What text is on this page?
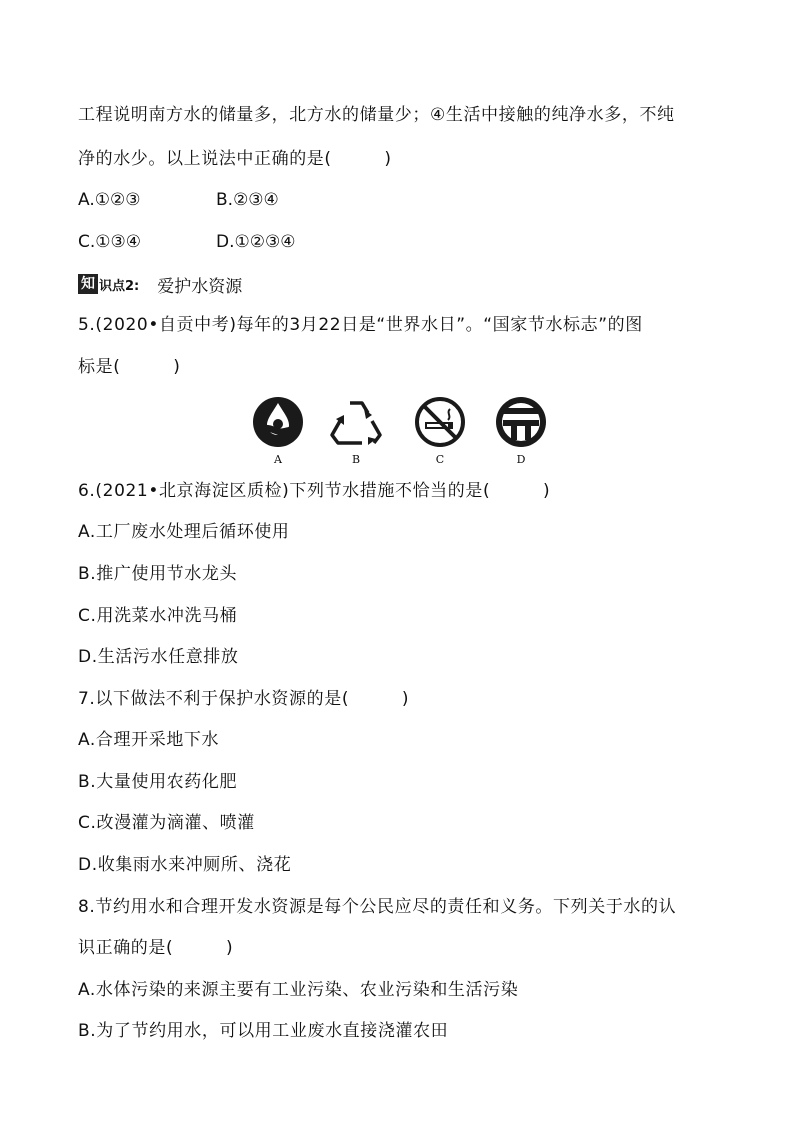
工程说明南方水的储量多，北方水的储量少；④生活中接触的纯净水多，不纯
净的水少。以上说法中正确的是(　　　)
A.①②③	B.②③④
C.①③④	D.①②③④
知 识点2: 爱护水资源
5.(2020•自贡中考)每年的3月22日是“世界水日”。“国家节水标志”的图
标是(　　　)
A	B	C	D
6.(2021•北京海淀区质检)下列节水措施不恰当的是(　　　)
A.工厂废水处理后循环使用
B.推广使用节水龙头
C.用洗菜水冲洗马桶
D.生活污水任意排放
7.以下做法不利于保护水资源的是(　　　)
A.合理开采地下水
B.大量使用农药化肥
C.改漫灌为滴灌、喷灌
D.收集雨水来冲厕所、浇花
8.节约用水和合理开发水资源是每个公民应尽的责任和义务。下列关于水的认
识正确的是(　　　)
A.水体污染的来源主要有工业污染、农业污染和生活污染
B.为了节约用水，可以用工业废水直接浇灌农田
